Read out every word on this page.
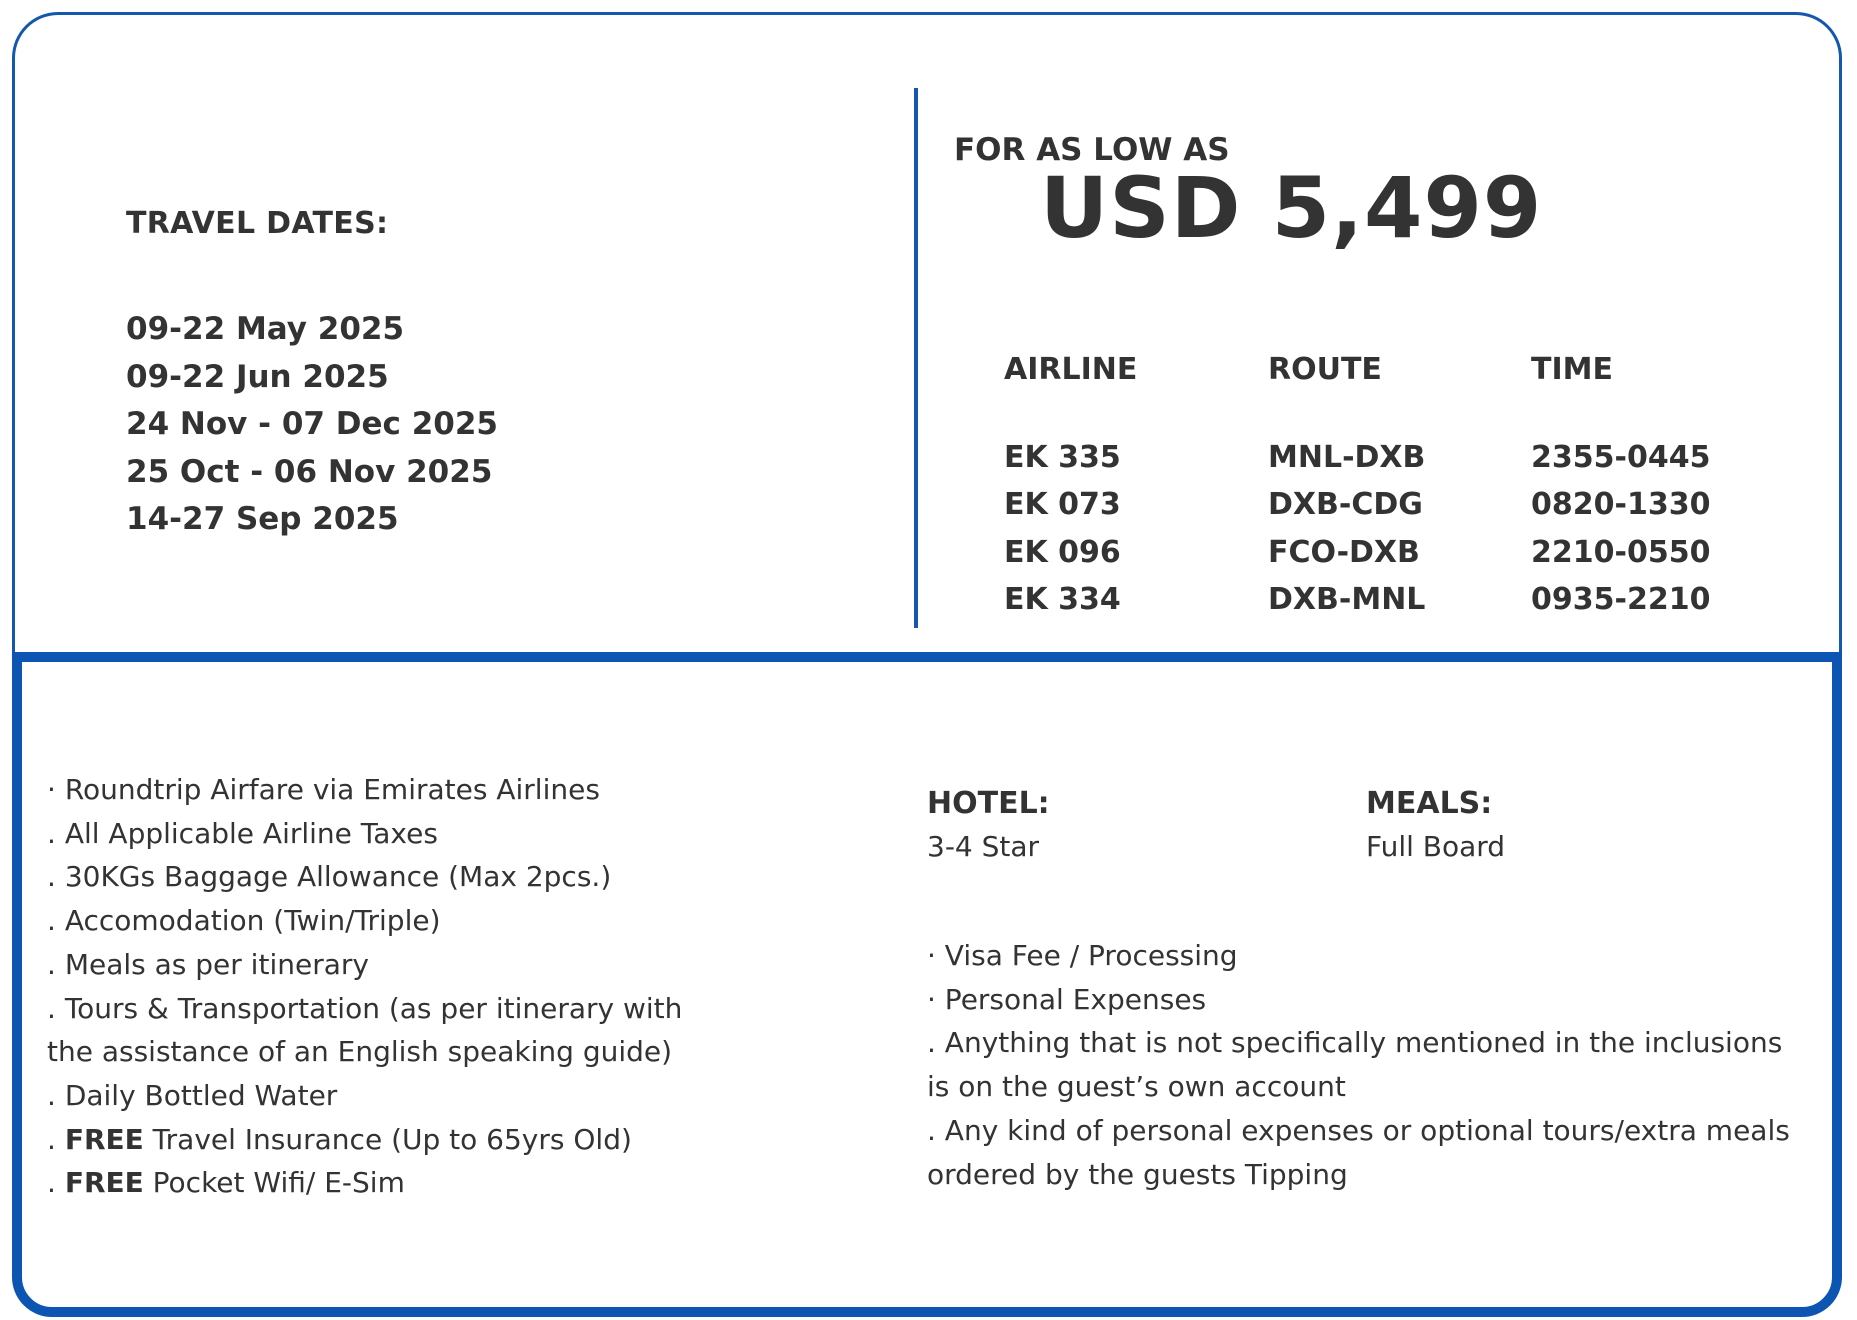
TRAVEL DATES:
09-22 May 2025
09-22 Jun 2025
24 Nov - 07 Dec 2025
25 Oct - 06 Nov 2025
14-27 Sep 2025
FOR AS LOW AS
USD 5,499
AIRLINE	ROUTE	TIME
EK 335	MNL-DXB	2355-0445
EK 073	DXB-CDG	0820-1330
EK 096	FCO-DXB	2210-0550
EK 334	DXB-MNL	0935-2210
· Roundtrip Airfare via Emirates Airlines
. All Applicable Airline Taxes
. 30KGs Baggage Allowance (Max 2pcs.)
. Accomodation (Twin/Triple)
. Meals as per itinerary
. Tours & Transportation (as per itinerary with the assistance of an English speaking guide)
. Daily Bottled Water
. FREE Travel Insurance (Up to 65yrs Old)
. FREE Pocket Wifi/ E-Sim
HOTEL:
3-4 Star
MEALS:
Full Board
· Visa Fee / Processing
· Personal Expenses
. Anything that is not specifically mentioned in the inclusions is on the guest’s own account
. Any kind of personal expenses or optional tours/extra meals ordered by the guests Tipping
